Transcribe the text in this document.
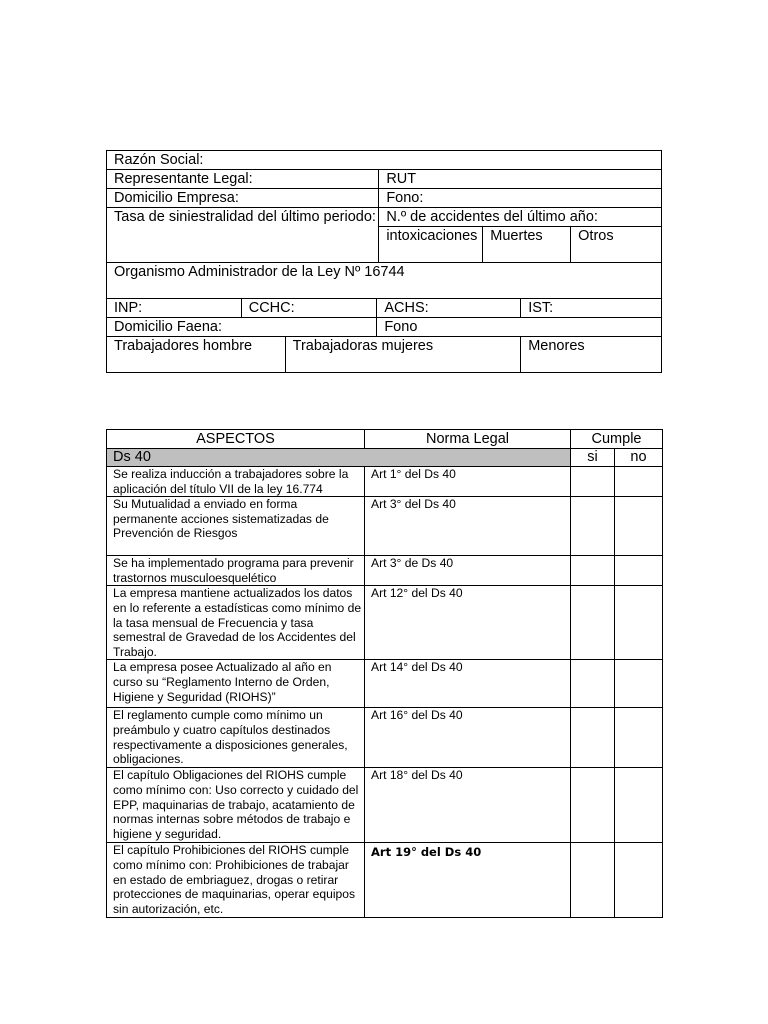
Razón Social:							
Representante Legal:				RUT			
Domicilio Empresa:				Fono:			
Tasa de siniestralidad del último periodo:				N.º de accidentes del último año:			
				intoxicaciones	Muertes		Otros
Organismo Administrador de la Ley Nº 16744							
INP:	CCHC:		ACHS:			IST:	
Domicilio Faena:			Fono				
Trabajadores hombre		Trabajadoras mujeres				Menores	
ASPECTOS	Norma Legal	Cumple	
Ds 40		si	no
Se realiza inducción a trabajadores sobre la aplicación del título VII de la ley 16.774	Art 1° del Ds 40		
Su Mutualidad a enviado en forma permanente acciones sistematizadas de Prevención de Riesgos	Art 3° del Ds 40		
Se ha implementado programa para prevenir trastornos musculoesquelético	Art 3° de Ds 40		
La empresa mantiene actualizados los datos en lo referente a estadísticas como mínimo de la tasa mensual de Frecuencia y tasa semestral de Gravedad de los Accidentes del Trabajo.	Art 12° del Ds 40		
La empresa posee Actualizado al año en curso su “Reglamento Interno de Orden, Higiene y Seguridad (RIOHS)”	Art 14° del Ds 40		
El reglamento cumple como mínimo un preámbulo y cuatro capítulos destinados respectivamente a disposiciones generales, obligaciones.	Art 16° del Ds 40		
El capítulo Obligaciones del RIOHS cumple como mínimo con: Uso correcto y cuidado del EPP, maquinarias de trabajo, acatamiento de normas internas sobre métodos de trabajo e higiene y seguridad.	Art 18° del Ds 40		
El capítulo Prohibiciones del RIOHS cumple como mínimo con: Prohibiciones de trabajar en estado de embriaguez, drogas o retirar protecciones de maquinarias, operar equipos sin autorización, etc.	Art 19° del Ds 40		
